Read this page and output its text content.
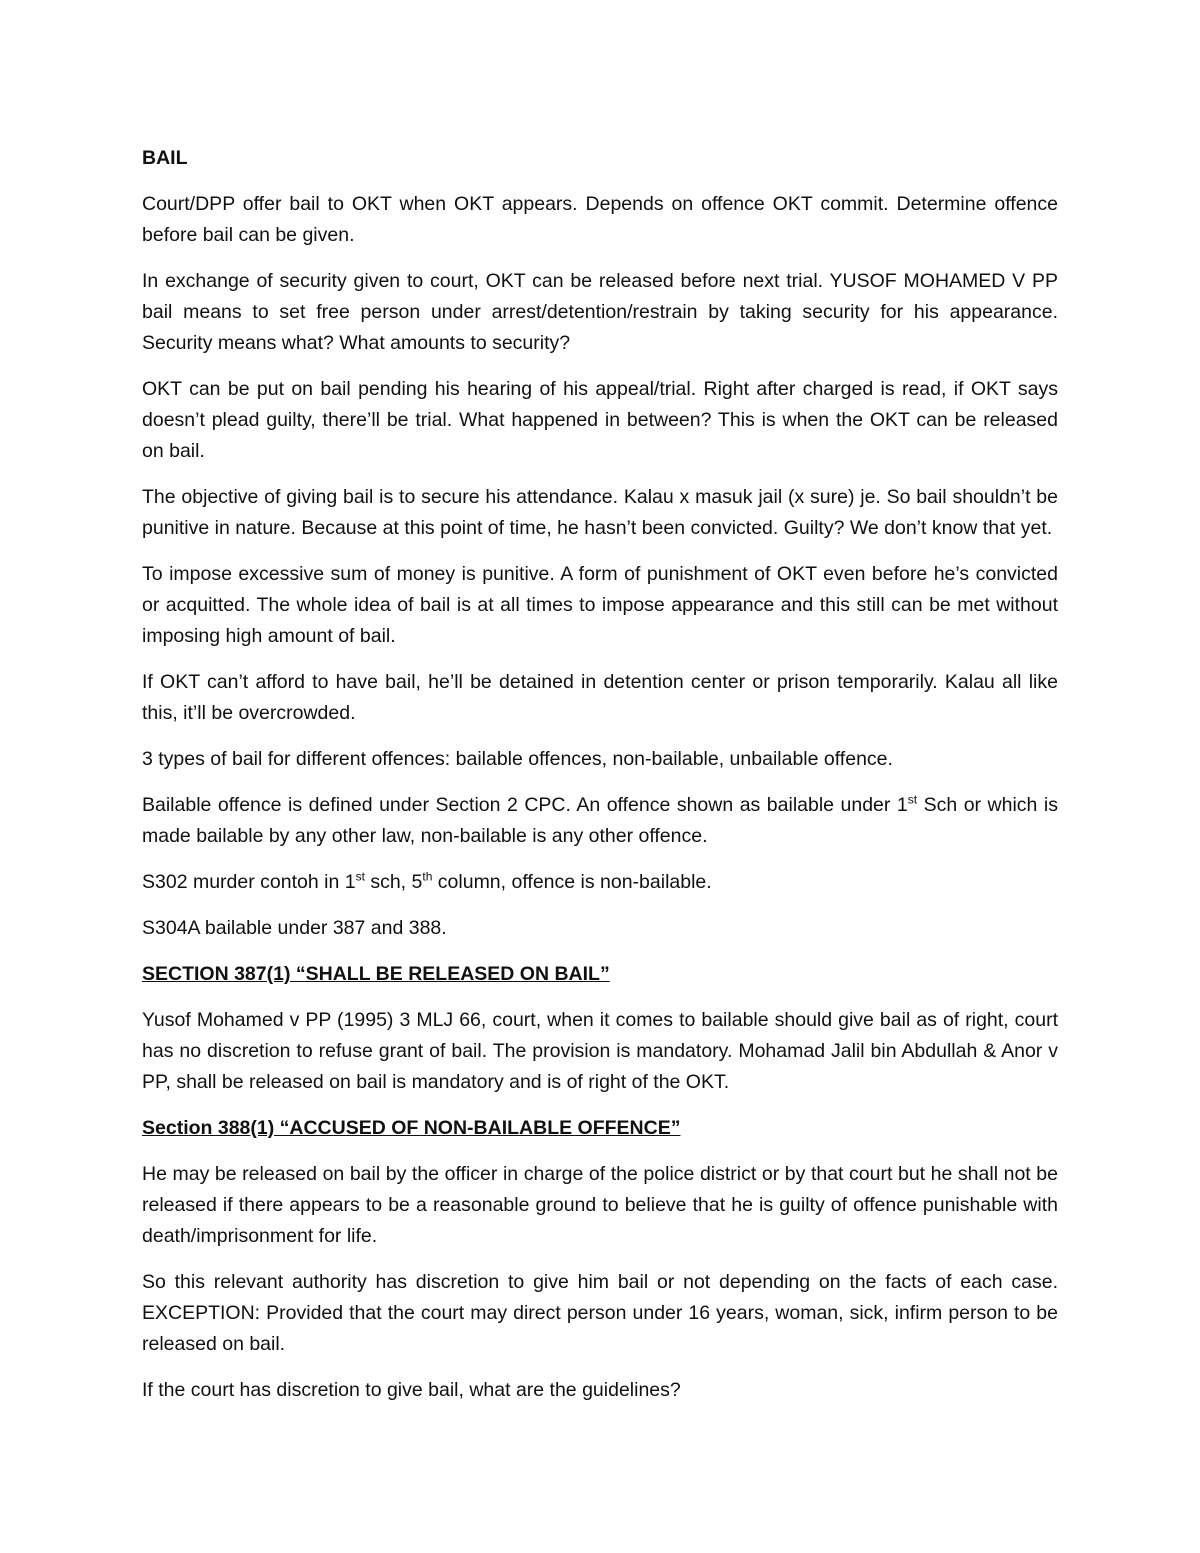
BAIL

Court/DPP offer bail to OKT when OKT appears. Depends on offence OKT commit. Determine offence before bail can be given.

In exchange of security given to court, OKT can be released before next trial. YUSOF MOHAMED V PP bail means to set free person under arrest/detention/restrain by taking security for his appearance. Security means what? What amounts to security?

OKT can be put on bail pending his hearing of his appeal/trial. Right after charged is read, if OKT says doesn’t plead guilty, there’ll be trial. What happened in between? This is when the OKT can be released on bail.

The objective of giving bail is to secure his attendance. Kalau x masuk jail (x sure) je. So bail shouldn’t be punitive in nature. Because at this point of time, he hasn’t been convicted. Guilty? We don’t know that yet.

To impose excessive sum of money is punitive. A form of punishment of OKT even before he’s convicted or acquitted. The whole idea of bail is at all times to impose appearance and this still can be met without imposing high amount of bail.

If OKT can’t afford to have bail, he’ll be detained in detention center or prison temporarily. Kalau all like this, it’ll be overcrowded.

3 types of bail for different offences: bailable offences, non-bailable, unbailable offence.

Bailable offence is defined under Section 2 CPC. An offence shown as bailable under 1st Sch or which is made bailable by any other law, non-bailable is any other offence.

S302 murder contoh in 1st sch, 5th column, offence is non-bailable.

S304A bailable under 387 and 388.

SECTION 387(1) “SHALL BE RELEASED ON BAIL”

Yusof Mohamed v PP (1995) 3 MLJ 66, court, when it comes to bailable should give bail as of right, court has no discretion to refuse grant of bail. The provision is mandatory. Mohamad Jalil bin Abdullah & Anor v PP, shall be released on bail is mandatory and is of right of the OKT.

Section 388(1) “ACCUSED OF NON-BAILABLE OFFENCE”

He may be released on bail by the officer in charge of the police district or by that court but he shall not be released if there appears to be a reasonable ground to believe that he is guilty of offence punishable with death/imprisonment for life.

So this relevant authority has discretion to give him bail or not depending on the facts of each case. EXCEPTION: Provided that the court may direct person under 16 years, woman, sick, infirm person to be released on bail.

If the court has discretion to give bail, what are the guidelines?
